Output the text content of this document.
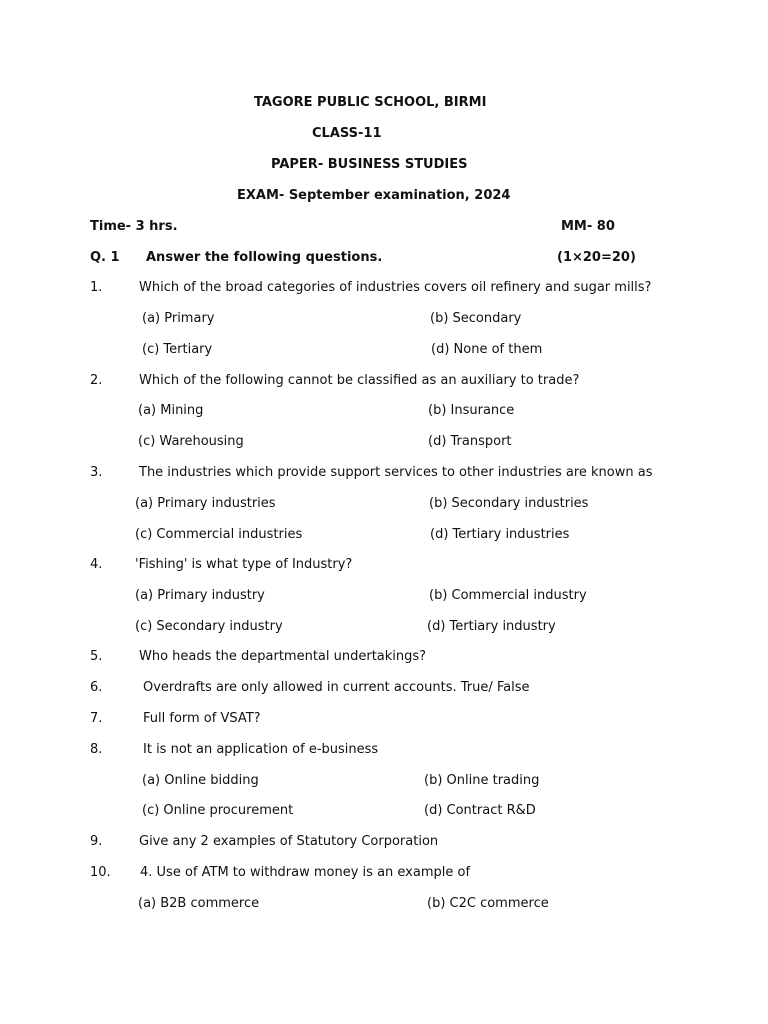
TAGORE PUBLIC SCHOOL, BIRMI
CLASS-11
PAPER- BUSINESS STUDIES
EXAM- September examination, 2024
Time- 3 hrs.	MM- 80
Q. 1 Answer the following questions.	(1×20=20)
1.	Which of the broad categories of industries covers oil refinery and sugar mills?
(a) Primary	(b) Secondary
(c) Tertiary	(d) None of them
2.	Which of the following cannot be classified as an auxiliary to trade?
(a) Mining	(b) Insurance
(c) Warehousing	(d) Transport
3.	The industries which provide support services to other industries are known as
(a) Primary industries	(b) Secondary industries
(c) Commercial industries	(d) Tertiary industries
4.	'Fishing' is what type of Industry?
(a) Primary industry	(b) Commercial industry
(c) Secondary industry	(d) Tertiary industry
5.	Who heads the departmental undertakings?
6.	Overdrafts are only allowed in current accounts. True/ False
7.	Full form of VSAT?
8.	It is not an application of e-business
(a) Online bidding	(b) Online trading
(c) Online procurement	(d) Contract R&D
9.	Give any 2 examples of Statutory Corporation
10. 4. Use of ATM to withdraw money is an example of
(a) B2B commerce	(b) C2C commerce
